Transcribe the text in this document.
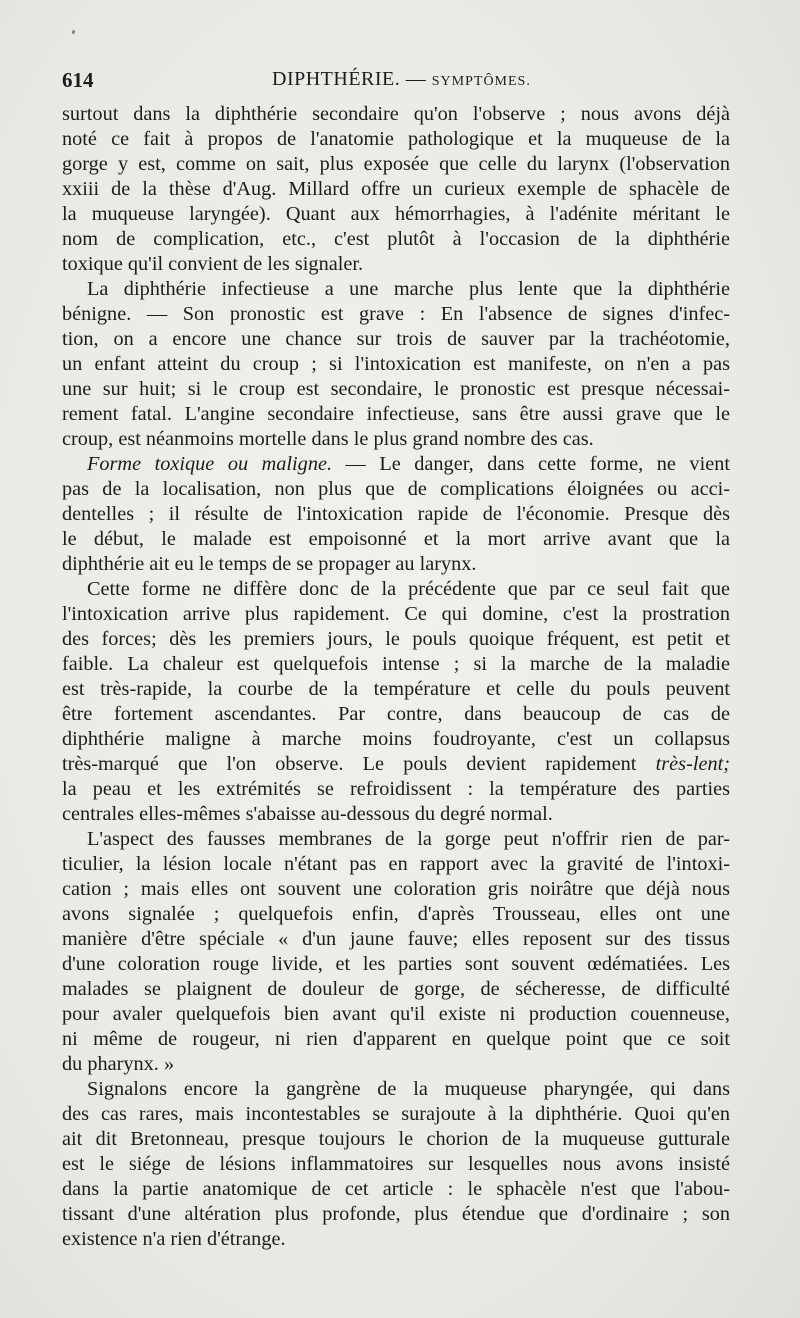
614	DIPHTHÉRIE. — SYMPTÔMES.
surtout dans la diphthérie secondaire qu'on l'observe ; nous avons déjà
noté ce fait à propos de l'anatomie pathologique et la muqueuse de la
gorge y est, comme on sait, plus exposée que celle du larynx (l'observation
xxiii de la thèse d'Aug. Millard offre un curieux exemple de sphacèle de
la muqueuse laryngée). Quant aux hémorrhagies, à l'adénite méritant le
nom de complication, etc., c'est plutôt à l'occasion de la diphthérie
toxique qu'il convient de les signaler.
La diphthérie infectieuse a une marche plus lente que la diphthérie
bénigne. — Son pronostic est grave : En l'absence de signes d'infec-
tion, on a encore une chance sur trois de sauver par la trachéotomie,
un enfant atteint du croup ; si l'intoxication est manifeste, on n'en a pas
une sur huit; si le croup est secondaire, le pronostic est presque nécessai-
rement fatal. L'angine secondaire infectieuse, sans être aussi grave que le
croup, est néanmoins mortelle dans le plus grand nombre des cas.
Forme toxique ou maligne. — Le danger, dans cette forme, ne vient
pas de la localisation, non plus que de complications éloignées ou acci-
dentelles ; il résulte de l'intoxication rapide de l'économie. Presque dès
le début, le malade est empoisonné et la mort arrive avant que la
diphthérie ait eu le temps de se propager au larynx.
Cette forme ne diffère donc de la précédente que par ce seul fait que
l'intoxication arrive plus rapidement. Ce qui domine, c'est la prostration
des forces; dès les premiers jours, le pouls quoique fréquent, est petit et
faible. La chaleur est quelquefois intense ; si la marche de la maladie
est très-rapide, la courbe de la température et celle du pouls peuvent
être fortement ascendantes. Par contre, dans beaucoup de cas de
diphthérie maligne à marche moins foudroyante, c'est un collapsus
très-marqué que l'on observe. Le pouls devient rapidement très-lent;
la peau et les extrémités se refroidissent : la température des parties
centrales elles-mêmes s'abaisse au-dessous du degré normal.
L'aspect des fausses membranes de la gorge peut n'offrir rien de par-
ticulier, la lésion locale n'étant pas en rapport avec la gravité de l'intoxi-
cation ; mais elles ont souvent une coloration gris noirâtre que déjà nous
avons signalée ; quelquefois enfin, d'après Trousseau, elles ont une
manière d'être spéciale « d'un jaune fauve; elles reposent sur des tissus
d'une coloration rouge livide, et les parties sont souvent œdématiées. Les
malades se plaignent de douleur de gorge, de sécheresse, de difficulté
pour avaler quelquefois bien avant qu'il existe ni production couenneuse,
ni même de rougeur, ni rien d'apparent en quelque point que ce soit
du pharynx. »
Signalons encore la gangrène de la muqueuse pharyngée, qui dans
des cas rares, mais incontestables se surajoute à la diphthérie. Quoi qu'en
ait dit Bretonneau, presque toujours le chorion de la muqueuse gutturale
est le siége de lésions inflammatoires sur lesquelles nous avons insisté
dans la partie anatomique de cet article : le sphacèle n'est que l'abou-
tissant d'une altération plus profonde, plus étendue que d'ordinaire ; son
existence n'a rien d'étrange.
